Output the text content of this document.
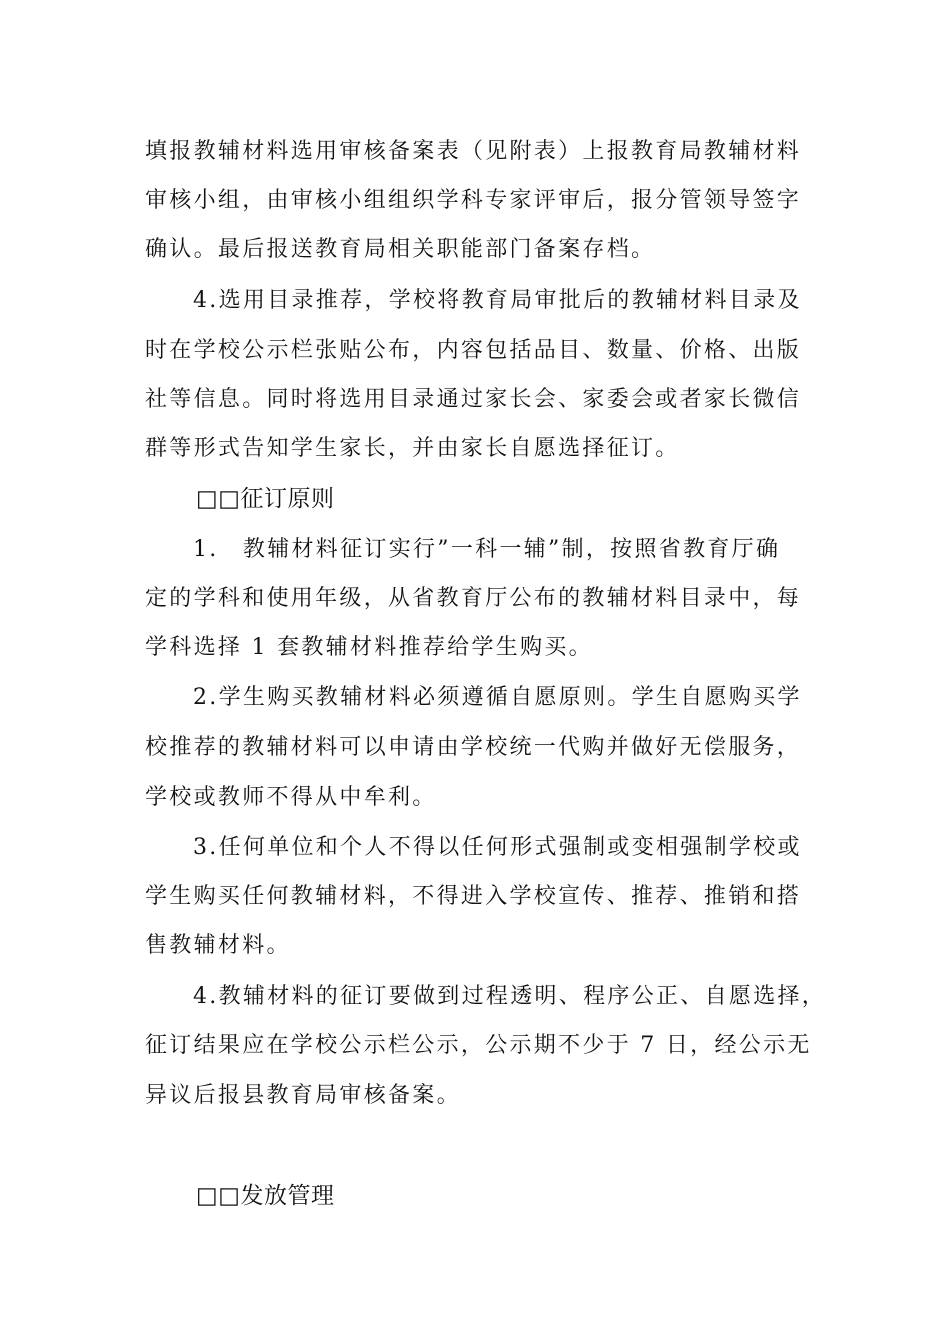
填报教辅材料选用审核备案表（见附表）上报教育局教辅材料
审核小组，由审核小组组织学科专家评审后，报分管领导签字
确认。最后报送教育局相关职能部门备案存档。
4.选用目录推荐，学校将教育局审批后的教辅材料目录及
时在学校公示栏张贴公布，内容包括品目、数量、价格、出版
社等信息。同时将选用目录通过家长会、家委会或者家长微信
群等形式告知学生家长，并由家长自愿选择征订。
□□征订原则
1.　教辅材料征订实行”一科一辅”制，按照省教育厅确
定的学科和使用年级，从省教育厅公布的教辅材料目录中，每
学科选择 1 套教辅材料推荐给学生购买。
2.学生购买教辅材料必须遵循自愿原则。学生自愿购买学
校推荐的教辅材料可以申请由学校统一代购并做好无偿服务，
学校或教师不得从中牟利。
3.任何单位和个人不得以任何形式强制或变相强制学校或
学生购买任何教辅材料，不得进入学校宣传、推荐、推销和搭
售教辅材料。
4.教辅材料的征订要做到过程透明、程序公正、自愿选择，
征订结果应在学校公示栏公示，公示期不少于 7 日，经公示无
异议后报县教育局审核备案。
□□发放管理
